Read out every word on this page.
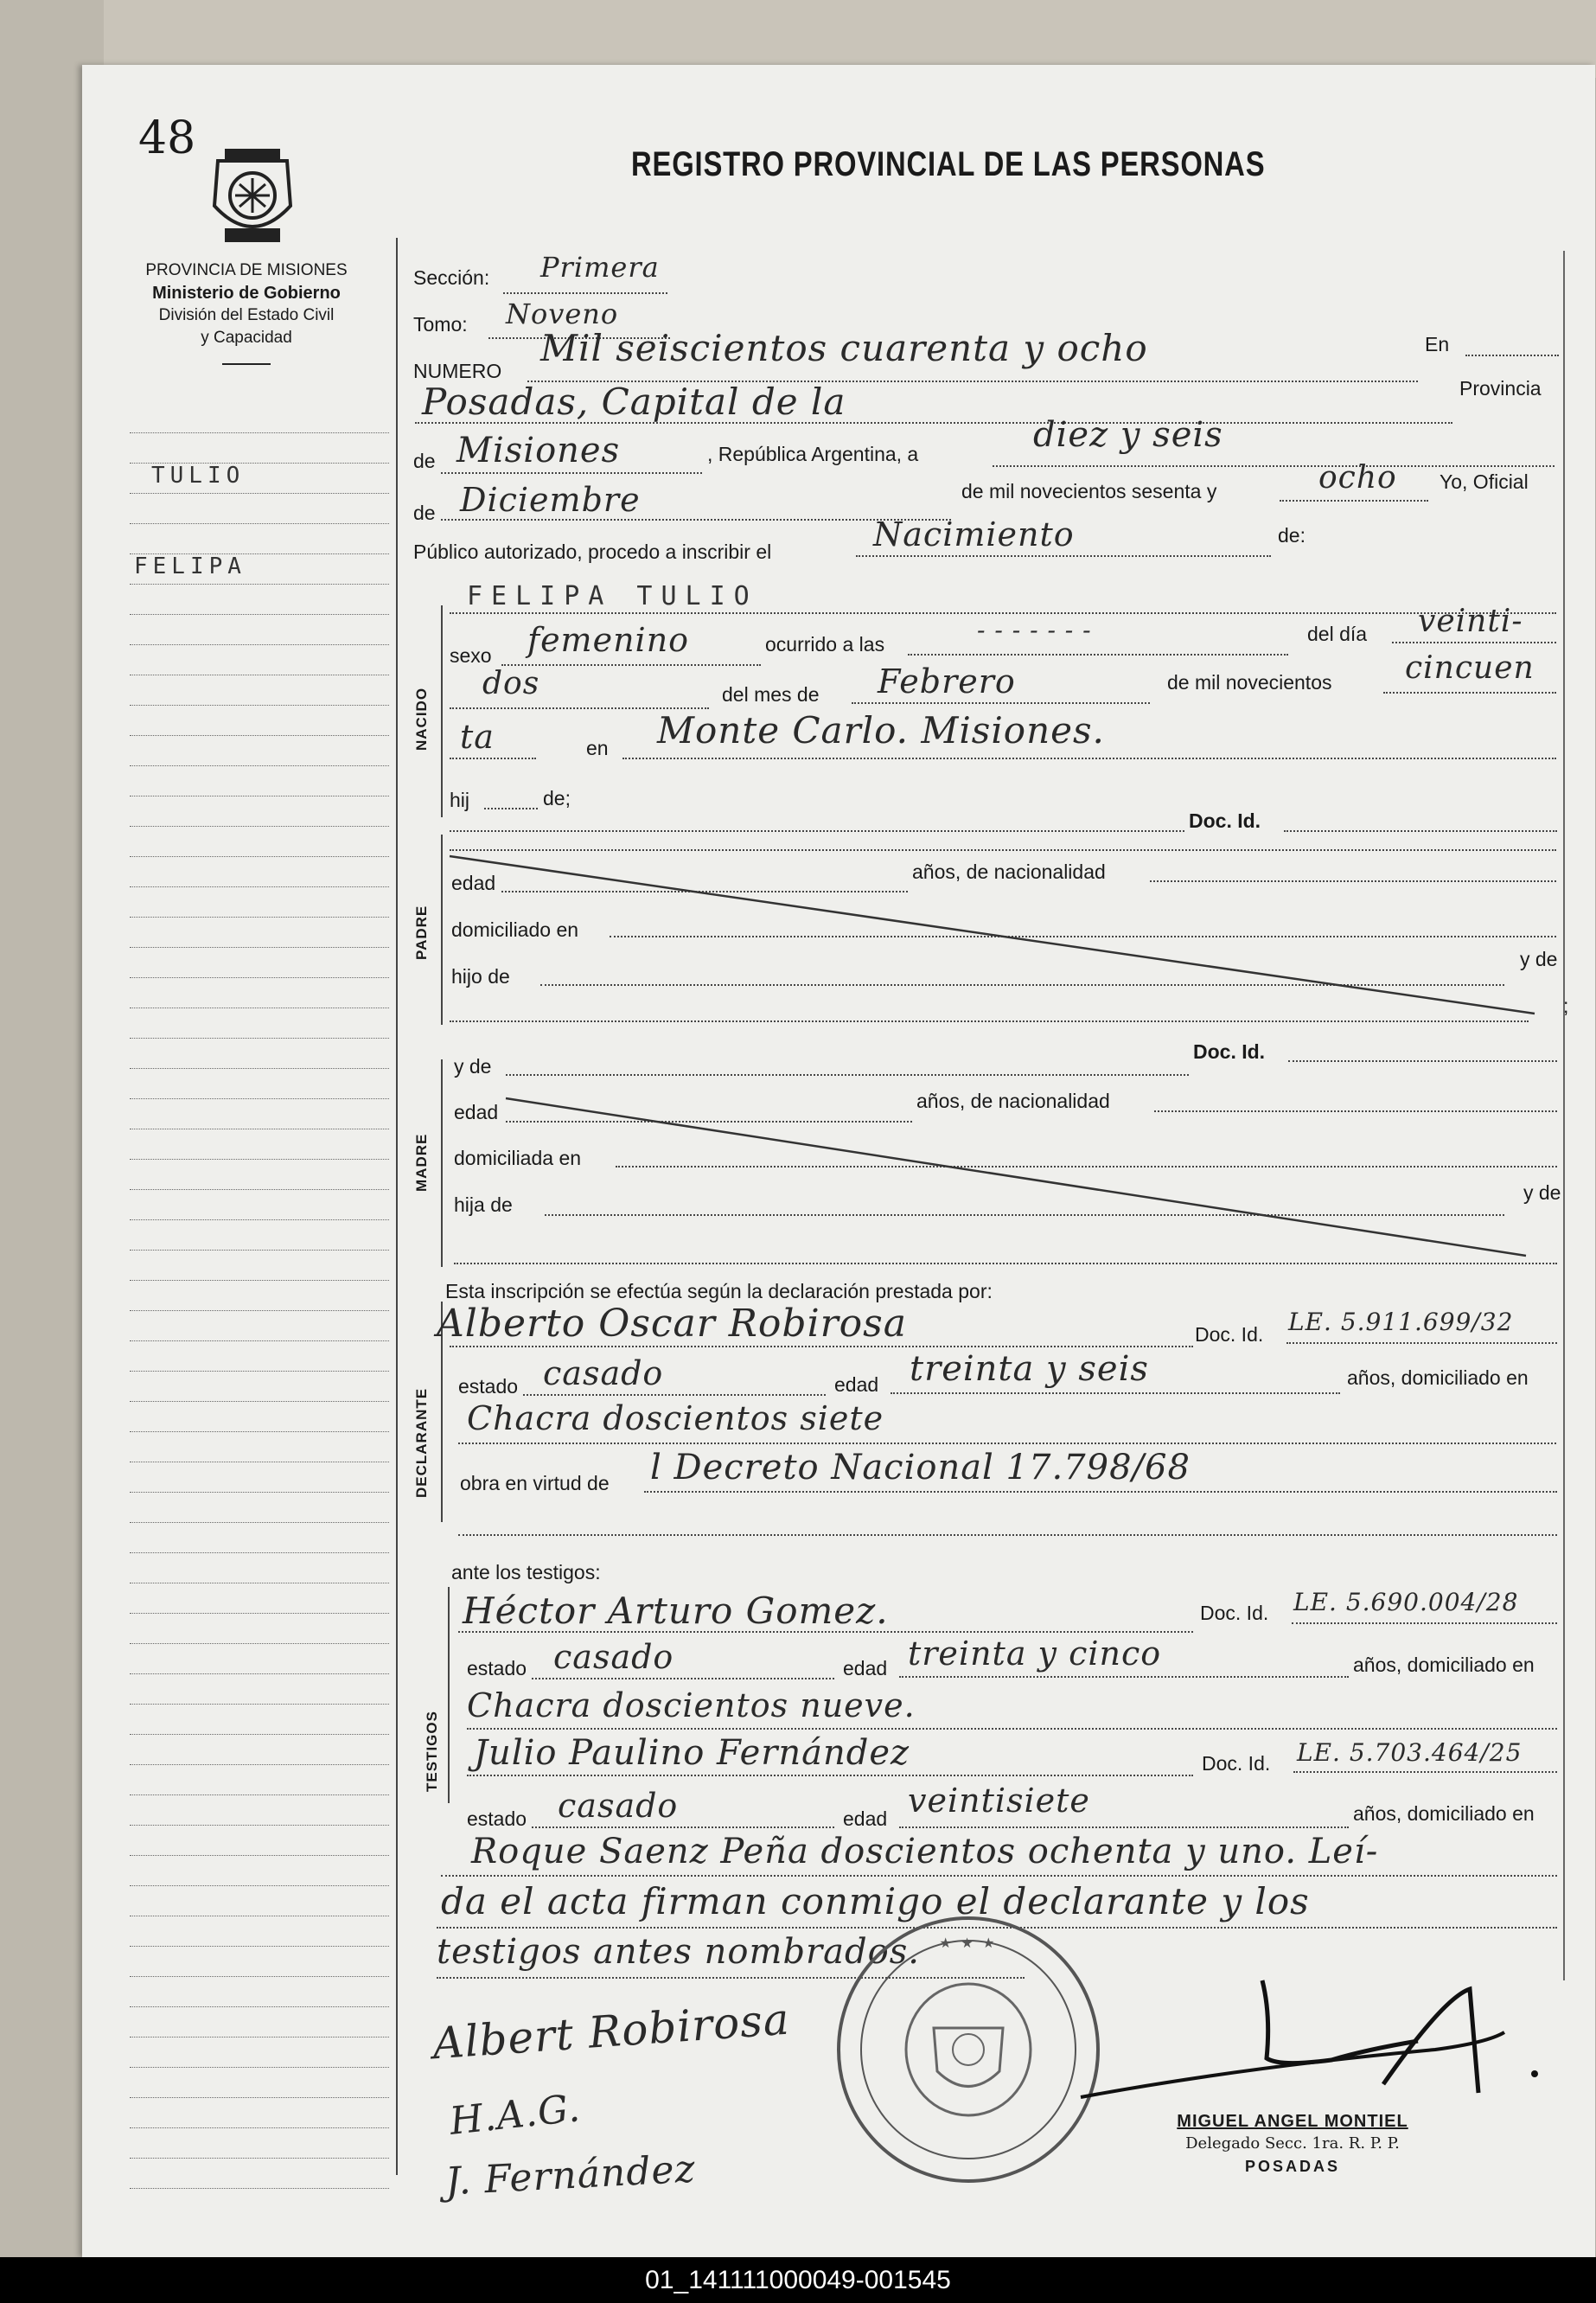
48	REGISTRO PROVINCIAL DE LAS PERSONAS
PROVINCIA DE MISIONES
Ministerio de Gobierno
División del Estado Civil
y Capacidad
TULIO
FELIPA
Sección: Primera
Tomo: Noveno
NUMERO
Mil seiscientos cuarenta y ocho	En
Posadas, Capital de la	Provincia
de Misiones	, República Argentina, a	diez y seis
de Diciembre	de mil novecientos sesenta y	ocho Yo, Oficial
Público autorizado, procedo a inscribir el	Nacimiento	de:
NACIDO
FELIPA TULIO
sexo femenino	ocurrido a las	- - - - - - -	del día veinti-
dos	del mes de Febrero	de mil novecientos cincuen
ta	en Monte Carlo. Misiones.
hij	de;
Doc. Id.
PADRE
edad	años, de nacionalidad
domiciliado en
hijo de
y de
;
MADRE
y de
Doc. Id.
edad	años, de nacionalidad
domiciliada en
hija de
y de
Esta inscripción se efectúa según la declaración prestada por:
DECLARANTE
Alberto Oscar Robirosa	Doc. Id. LE. 5.911.699/32
estado casado	edad treinta y seis	años, domiciliado en
Chacra doscientos siete
obra en virtud de l Decreto Nacional 17.798/68
ante los testigos:
TESTIGOS
Héctor Arturo Gomez.	Doc. Id. LE. 5.690.004/28
estado casado	edad treinta y cinco	años, domiciliado en
Chacra doscientos nueve.
Julio Paulino Fernández	Doc. Id. LE. 5.703.464/25
estado casado	edad veintisiete	años, domiciliado en
Roque Saenz Peña doscientos ochenta y uno. Leí-
da el acta firman conmigo el declarante y los
testigos antes nombrados. ★ ★ ★
Albert Robirosa
H.A.G.
J. Fernández
MIGUEL ANGEL MONTIEL
Delegado Secc. 1ra. R. P. P.
POSADAS
01_141111000049-001545
